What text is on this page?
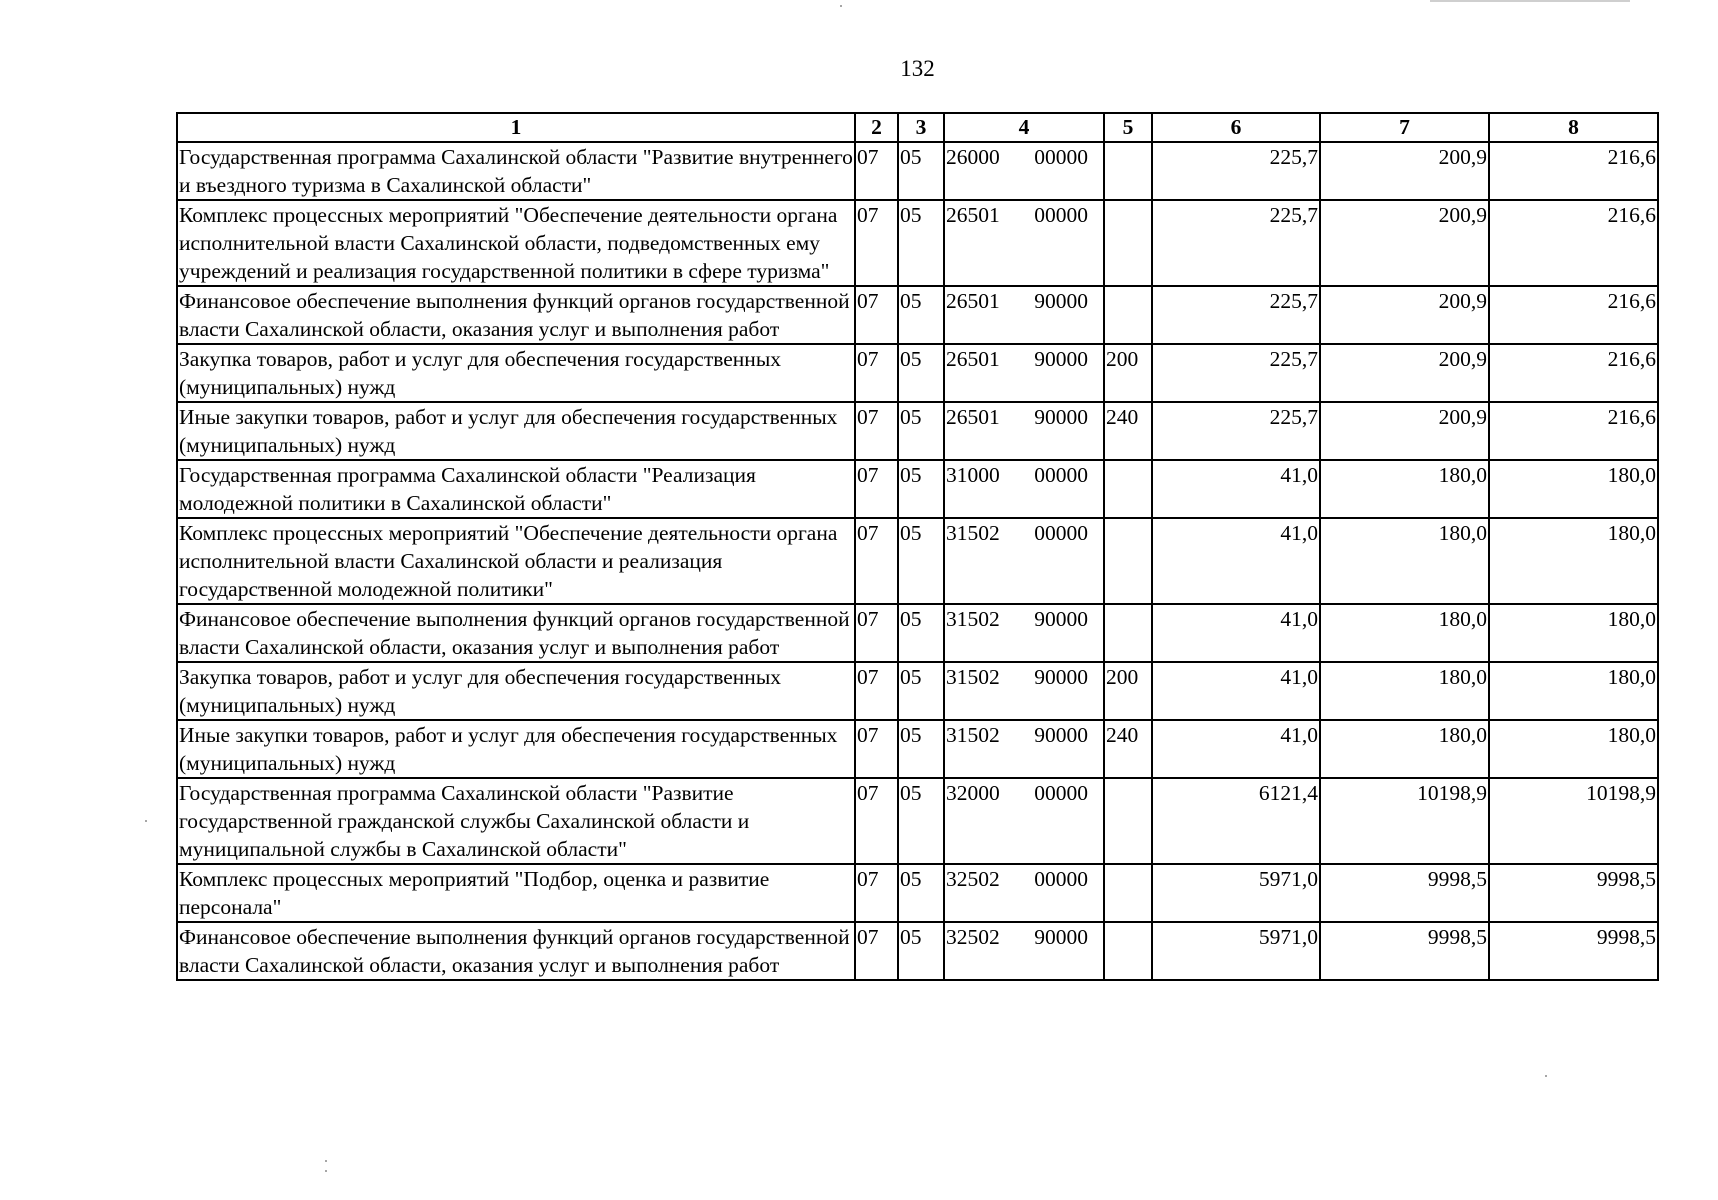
132
1	2	3	4	5	6	7	8
Государственная программа Сахалинской области "Развитие внутреннего и въездного туризма в Сахалинской области"	07	05	26000 00000		225,7	200,9	216,6
Комплекс процессных мероприятий "Обеспечение деятельности органа исполнительной власти Сахалинской области, подведомственных ему учреждений и реализация государственной политики в сфере туризма"	07	05	26501 00000		225,7	200,9	216,6
Финансовое обеспечение выполнения функций органов государственной власти Сахалинской области, оказания услуг и выполнения работ	07	05	26501 90000		225,7	200,9	216,6
Закупка товаров, работ и услуг для обеспечения государственных (муниципальных) нужд	07	05	26501 90000	200	225,7	200,9	216,6
Иные закупки товаров, работ и услуг для обеспечения государственных (муниципальных) нужд	07	05	26501 90000	240	225,7	200,9	216,6
Государственная программа Сахалинской области "Реализация молодежной политики в Сахалинской области"	07	05	31000 00000		41,0	180,0	180,0
Комплекс процессных мероприятий "Обеспечение деятельности органа исполнительной власти Сахалинской области и реализация государственной молодежной политики"	07	05	31502 00000		41,0	180,0	180,0
Финансовое обеспечение выполнения функций органов государственной власти Сахалинской области, оказания услуг и выполнения работ	07	05	31502 90000		41,0	180,0	180,0
Закупка товаров, работ и услуг для обеспечения государственных (муниципальных) нужд	07	05	31502 90000	200	41,0	180,0	180,0
Иные закупки товаров, работ и услуг для обеспечения государственных (муниципальных) нужд	07	05	31502 90000	240	41,0	180,0	180,0
Государственная программа Сахалинской области "Развитие государственной гражданской службы Сахалинской области и муниципальной службы в Сахалинской области"	07	05	32000 00000		6121,4	10198,9	10198,9
Комплекс процессных мероприятий "Подбор, оценка и развитие персонала"	07	05	32502 00000		5971,0	9998,5	9998,5
Финансовое обеспечение выполнения функций органов государственной власти Сахалинской области, оказания услуг и выполнения работ	07	05	32502 90000		5971,0	9998,5	9998,5
